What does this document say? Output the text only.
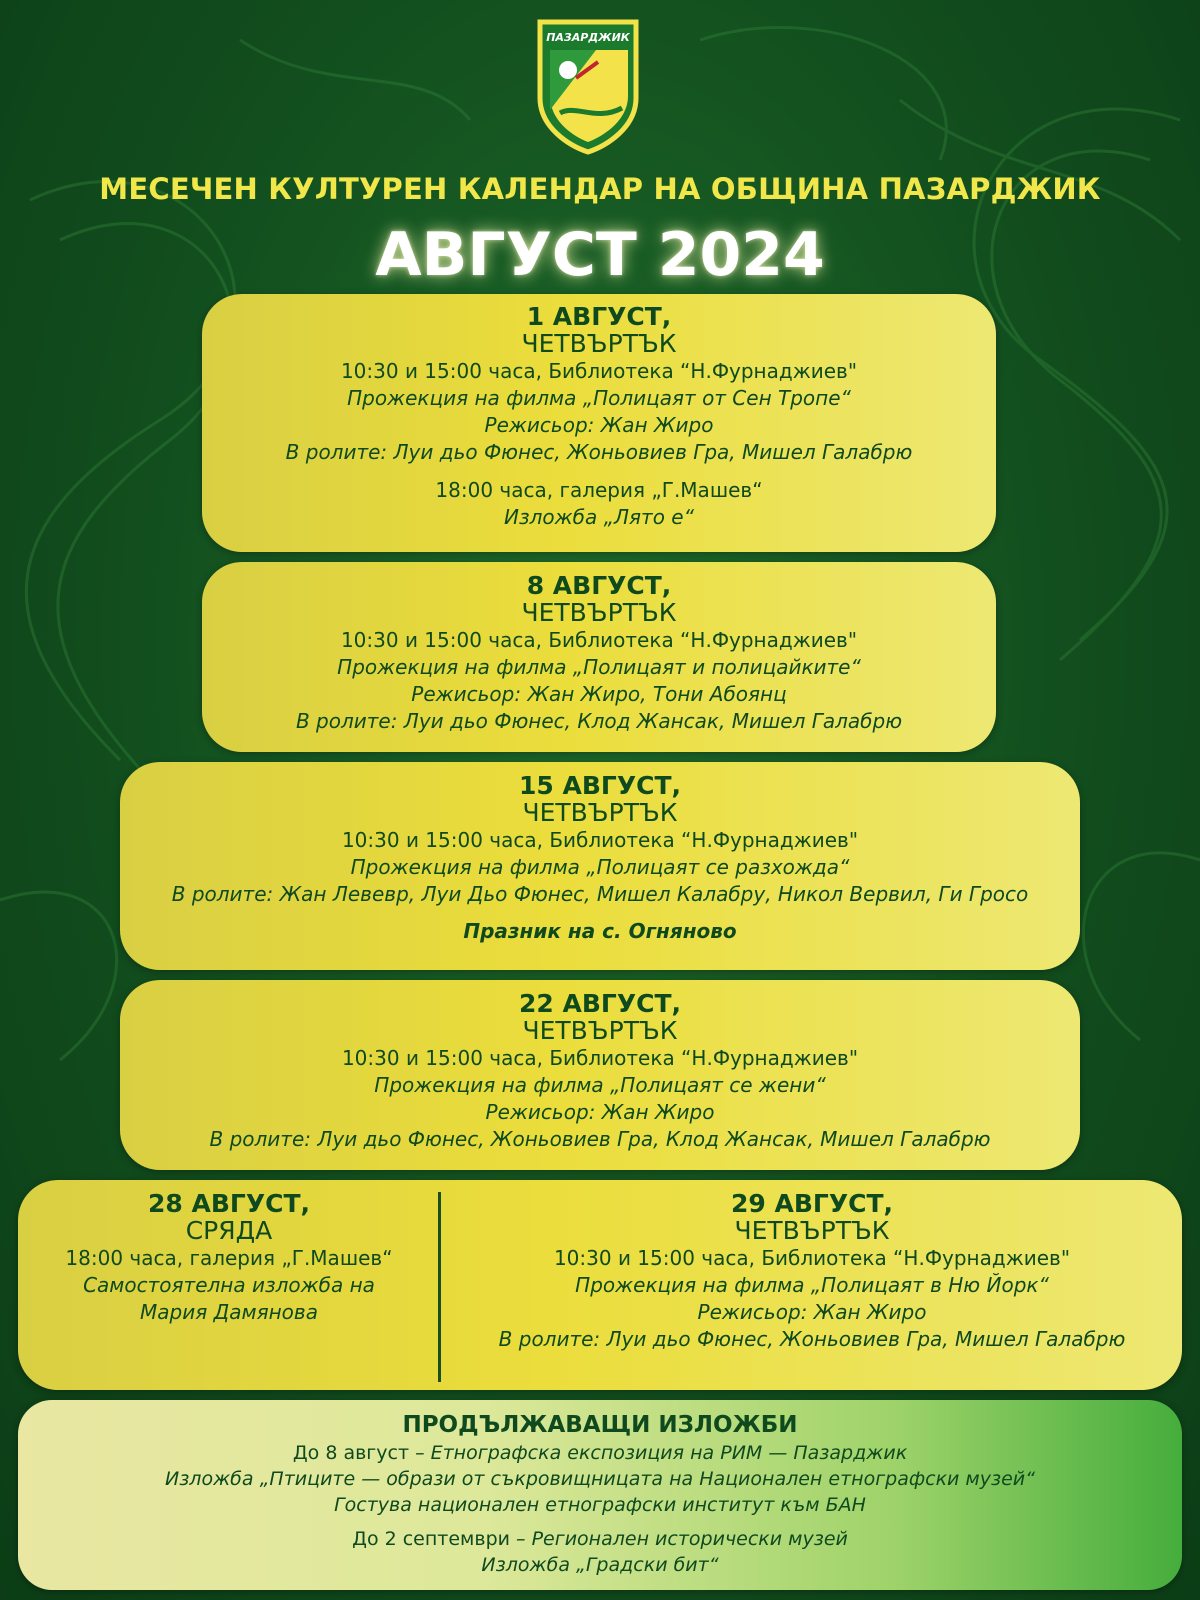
ПАЗАРДЖИК
МЕСЕЧЕН КУЛТУРЕН КАЛЕНДАР НА ОБЩИНА ПАЗАРДЖИК
АВГУСТ 2024
1 АВГУСТ,
ЧЕТВЪРТЪК
10:30 и 15:00 часа, Библиотека “Н.Фурнаджиев"
Прожекция на филма „Полицаят от Сен Тропе“
Режисьор: Жан Жиро
В ролите: Луи дьо Фюнес, Жоньовиев Гра, Мишел Галабрю
18:00 часа, галерия „Г.Машев“
Изложба „Лято е“
8 АВГУСТ,
ЧЕТВЪРТЪК
10:30 и 15:00 часа, Библиотека “Н.Фурнаджиев"
Прожекция на филма „Полицаят и полицайките“
Режисьор: Жан Жиро, Тони Абоянц
В ролите: Луи дьо Фюнес, Клод Жансак, Мишел Галабрю
15 АВГУСТ,
ЧЕТВЪРТЪК
10:30 и 15:00 часа, Библиотека “Н.Фурнаджиев"
Прожекция на филма „Полицаят се разхожда“
В ролите: Жан Левевр, Луи Дьо Фюнес, Мишел Калабру, Никол Вервил, Ги Гросо
Празник на с. Огняново
22 АВГУСТ,
ЧЕТВЪРТЪК
10:30 и 15:00 часа, Библиотека “Н.Фурнаджиев"
Прожекция на филма „Полицаят се жени“
Режисьор: Жан Жиро
В ролите: Луи дьо Фюнес, Жоньовиев Гра, Клод Жансак, Мишел Галабрю
28 АВГУСТ,
СРЯДА
18:00 часа, галерия „Г.Машев“
Самостоятелна изложба на
Мария Дамянова
29 АВГУСТ,
ЧЕТВЪРТЪК
10:30 и 15:00 часа, Библиотека “Н.Фурнаджиев"
Прожекция на филма „Полицаят в Ню Йорк“
Режисьор: Жан Жиро
В ролите: Луи дьо Фюнес, Жоньовиев Гра, Мишел Галабрю
ПРОДЪЛЖАВАЩИ ИЗЛОЖБИ
До 8 август – Етнографска експозиция на РИМ — Пазарджик
Изложба „Птиците — образи от съкровищницата на Национален етнографски музей“
Гостува национален етнографски институт към БАН
До 2 септември – Регионален исторически музей
Изложба „Градски бит“
